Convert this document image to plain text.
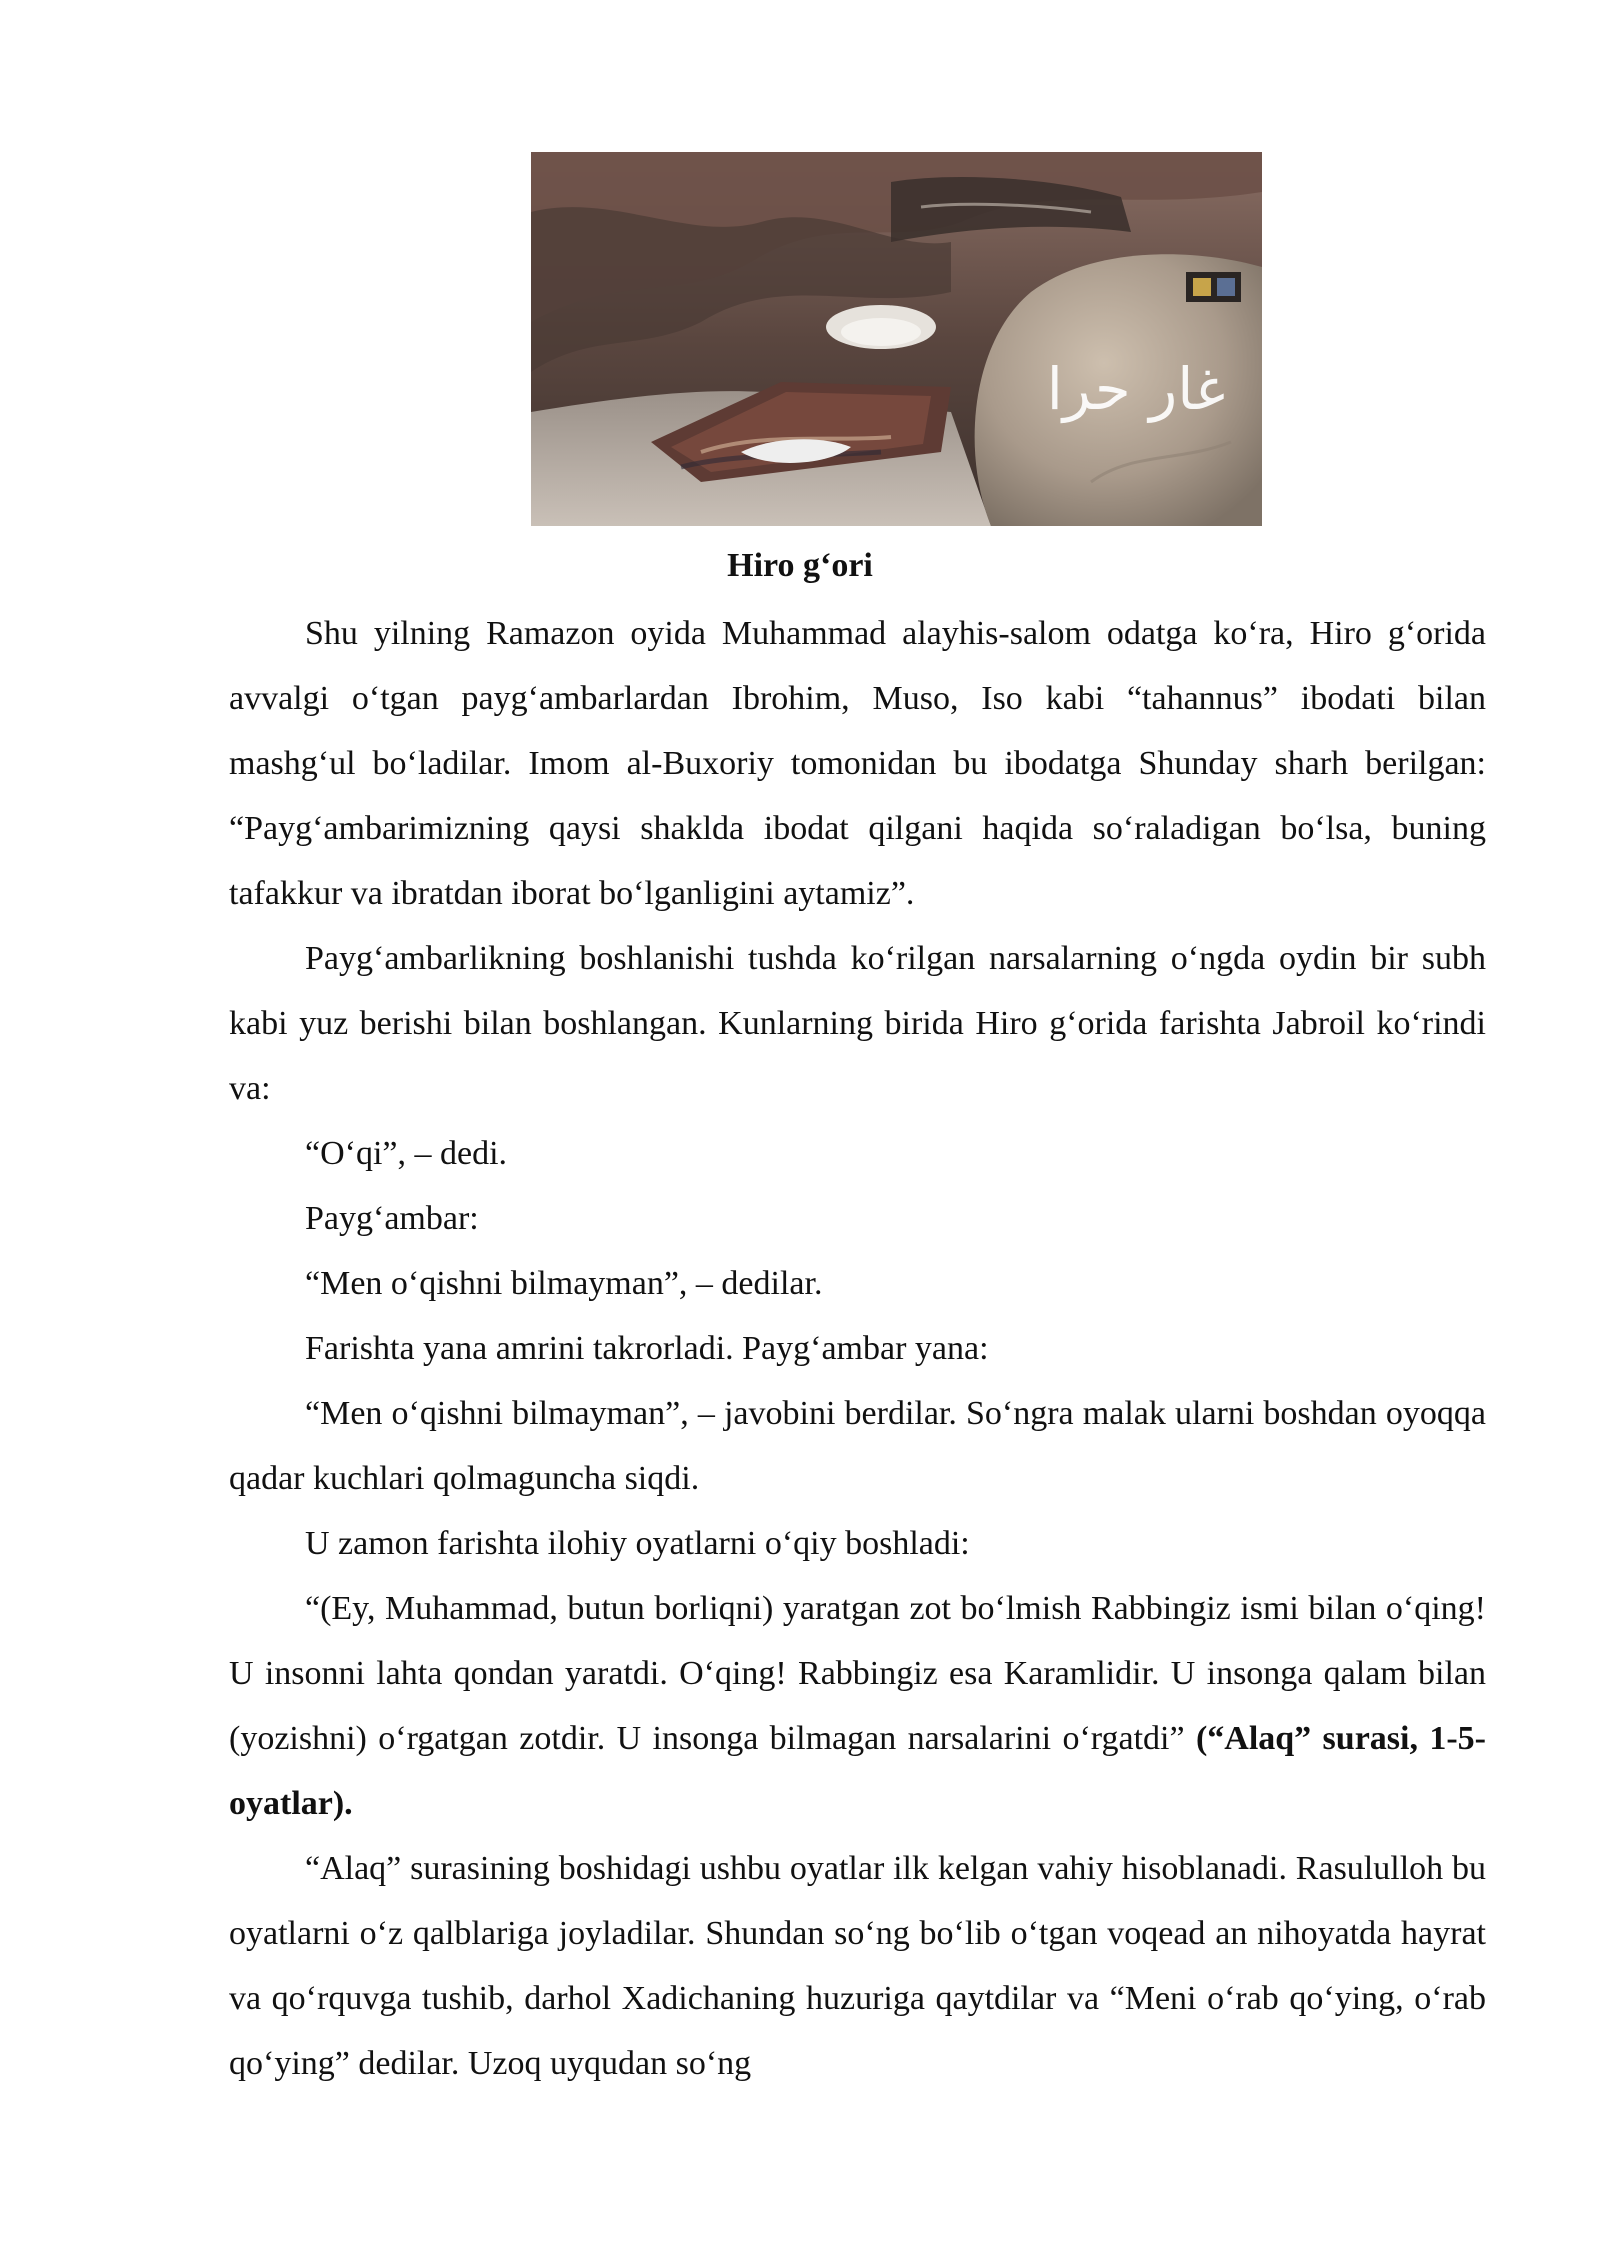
غار حرا
Hiro g‘ori

Shu yilning Ramazon oyida Muhammad alayhis-salom odatga ko‘ra, Hiro g‘orida avvalgi o‘tgan payg‘ambarlardan Ibrohim, Muso, Iso kabi “tahannus” ibodati bilan mashg‘ul bo‘ladilar. Imom al-Buxoriy tomonidan bu ibodatga Shunday sharh berilgan: “Payg‘ambarimizning qaysi shaklda ibodat qilgani haqida so‘raladigan bo‘lsa, buning tafakkur va ibratdan iborat bo‘lganligini aytamiz”.

Payg‘ambarlikning boshlanishi tushda ko‘rilgan narsalarning o‘ngda oydin bir subh kabi yuz berishi bilan boshlangan. Kunlarning birida Hiro g‘orida farishta Jabroil ko‘rindi va:

“O‘qi”, – dedi.

Payg‘ambar:

“Men o‘qishni bilmayman”, – dedilar.

Farishta yana amrini takrorladi. Payg‘ambar yana:

“Men o‘qishni bilmayman”, – javobini berdilar. So‘ngra malak ularni boshdan oyoqqa qadar kuchlari qolmaguncha siqdi.

U zamon farishta ilohiy oyatlarni o‘qiy boshladi:

“(Ey, Muhammad, butun borliqni) yaratgan zot bo‘lmish Rabbingiz ismi bilan o‘qing! U insonni lahta qondan yaratdi. O‘qing! Rabbingiz esa Karamlidir. U insonga qalam bilan (yozishni) o‘rgatgan zotdir. U insonga bilmagan narsalarini o‘rgatdi” (“Alaq” surasi, 1-5-oyatlar).

“Alaq” surasining boshidagi ushbu oyatlar ilk kelgan vahiy hisoblanadi. Rasululloh bu oyatlarni o‘z qalblariga joyladilar. Shundan so‘ng bo‘lib o‘tgan voqead an nihoyatda hayrat va qo‘rquvga tushib, darhol Xadichaning huzuriga qaytdilar va “Meni o‘rab qo‘ying, o‘rab qo‘ying” dedilar. Uzoq uyqudan so‘ng
